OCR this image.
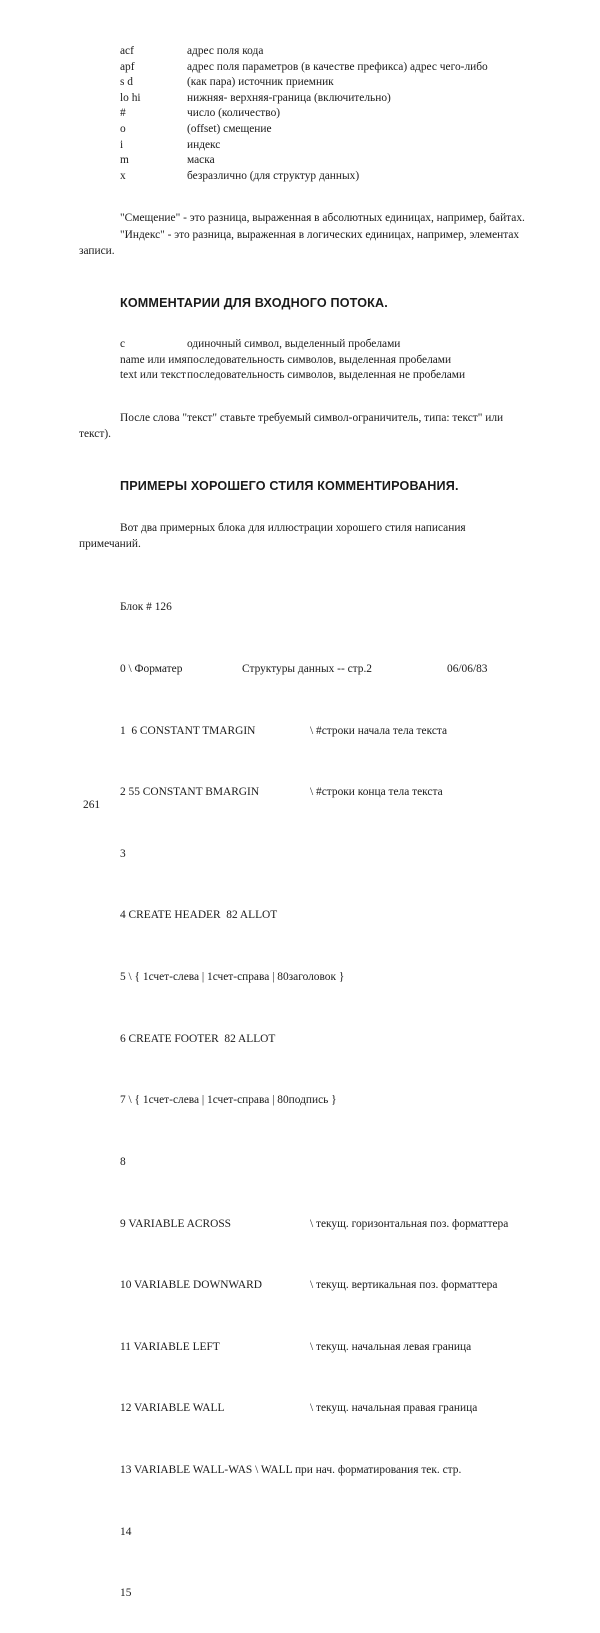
acf	адрес поля кода
apf	адрес поля параметров (в качестве префикса) адрес чего-либо
s d	(как пара) источник приемник
lo hi	нижняя- верхняя-граница (включительно)
#	число (количество)
o	(offset) смещение
i	индекс
m	маска
x	безразлично (для структур данных)
"Смещение" - это разница, выраженная в абсолютных единицах, например, байтах.
"Индекс" - это разница, выраженная в логических единицах, например, элементах
записи.
КОММЕНТАРИИ ДЛЯ ВХОДНОГО ПОТОКА.
c	одиночный символ, выделенный пробелами
name или имя	последовательность символов, выделенная пробелами
text или текст	последовательность символов, выделенная не пробелами
После слова "текст" ставьте требуемый символ-ограничитель, типа: текст" или
текст).
ПРИМЕРЫ ХОРОШЕГО СТИЛЯ КОММЕНТИРОВАНИЯ.
Вот два примерных блока для иллюстрации хорошего стиля написания
примечаний.

Блок # 126

0 \ Форматер	Структуры данных -- стр.2	06/06/83

1  6 CONSTANT TMARGIN	\ #строки начала тела текста

2 55 CONSTANT BMARGIN	\ #строки конца тела текста

3

4 CREATE HEADER  82 ALLOT

5 \ { 1счет-слева | 1счет-справа | 80заголовок }

6 CREATE FOOTER  82 ALLOT

7 \ { 1счет-слева | 1счет-справа | 80подпись }

8

9 VARIABLE ACROSS	\ текущ. горизонтальная поз. форматтера

10 VARIABLE DOWNWARD	\ текущ. вертикальная поз. форматтера

11 VARIABLE LEFT	\ текущ. начальная левая граница

12 VARIABLE WALL	\ текущ. начальная правая граница

13 VARIABLE WALL-WAS \ WALL при нач. форматирования тек. стр.

14

15

261
